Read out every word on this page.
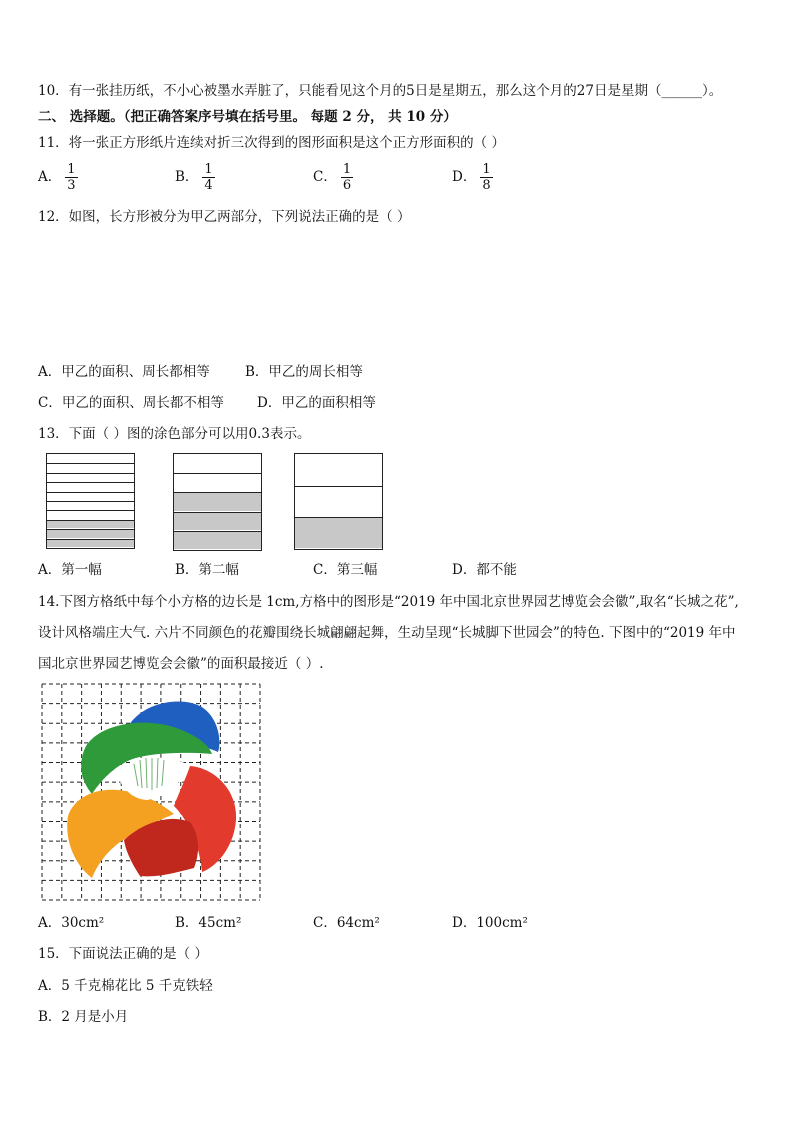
10．有一张挂历纸，不小心被墨水弄脏了，只能看见这个月的5日是星期五，那么这个月的27日是星期（______）。
二、 选择题。（把正确答案序号填在括号里。 每题 2 分， 共 10 分）
11．将一张正方形纸片连续对折三次得到的图形面积是这个正方形面积的（ ）
A． $\frac{1}{3}$	B． $\frac{1}{4}$	C． $\frac{1}{6}$	D． $\frac{1}{8}$
12．如图，长方形被分为甲乙两部分，下列说法正确的是（ ）
A．甲乙的面积、周长都相等	B．甲乙的周长相等
C．甲乙的面积、周长都不相等 D．甲乙的面积相等
13．下面（ ）图的涂色部分可以用0.3表示。
A．第一幅	B．第二幅	C．第三幅	D．都不能
14.下图方格纸中每个小方格的边长是 1cm,方格中的图形是“2019 年中国北京世界园艺博览会会徽”,取名“长城之花”,
设计风格端庄大气. 六片不同颜色的花瓣围绕长城翩翩起舞，生动呈现“长城脚下世园会”的特色. 下图中的“2019 年中
国北京世界园艺博览会会徽”的面积最接近（ ）.
A．30cm²	B．45cm²	C．64cm²	D．100cm²
15．下面说法正确的是（ ）
A．5 千克棉花比 5 千克铁轻
B．2 月是小月
